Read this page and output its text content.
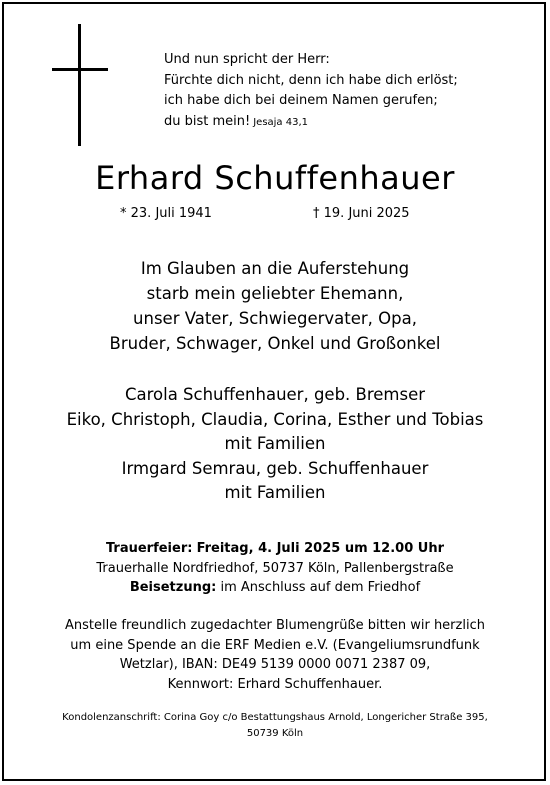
Und nun spricht der Herr:
Fürchte dich nicht, denn ich habe dich erlöst;
ich habe dich bei deinem Namen gerufen;
du bist mein! Jesaja 43,1
Erhard Schuffenhauer
* 23. Juli 1941	† 19. Juni 2025
Im Glauben an die Auferstehung
starb mein geliebter Ehemann,
unser Vater, Schwiegervater, Opa,
Bruder, Schwager, Onkel und Großonkel
Carola Schuffenhauer, geb. Bremser
Eiko, Christoph, Claudia, Corina, Esther und Tobias
mit Familien
Irmgard Semrau, geb. Schuffenhauer
mit Familien
Trauerfeier: Freitag, 4. Juli 2025 um 12.00 Uhr
Trauerhalle Nordfriedhof, 50737 Köln, Pallenbergstraße
Beisetzung: im Anschluss auf dem Friedhof
Anstelle freundlich zugedachter Blumengrüße bitten wir herzlich
um eine Spende an die ERF Medien e.V. (Evangeliumsrundfunk
Wetzlar), IBAN: DE49 5139 0000 0071 2387 09,
Kennwort: Erhard Schuffenhauer.
Kondolenzanschrift: Corina Goy c/o Bestattungshaus Arnold, Longericher Straße 395,
50739 Köln
